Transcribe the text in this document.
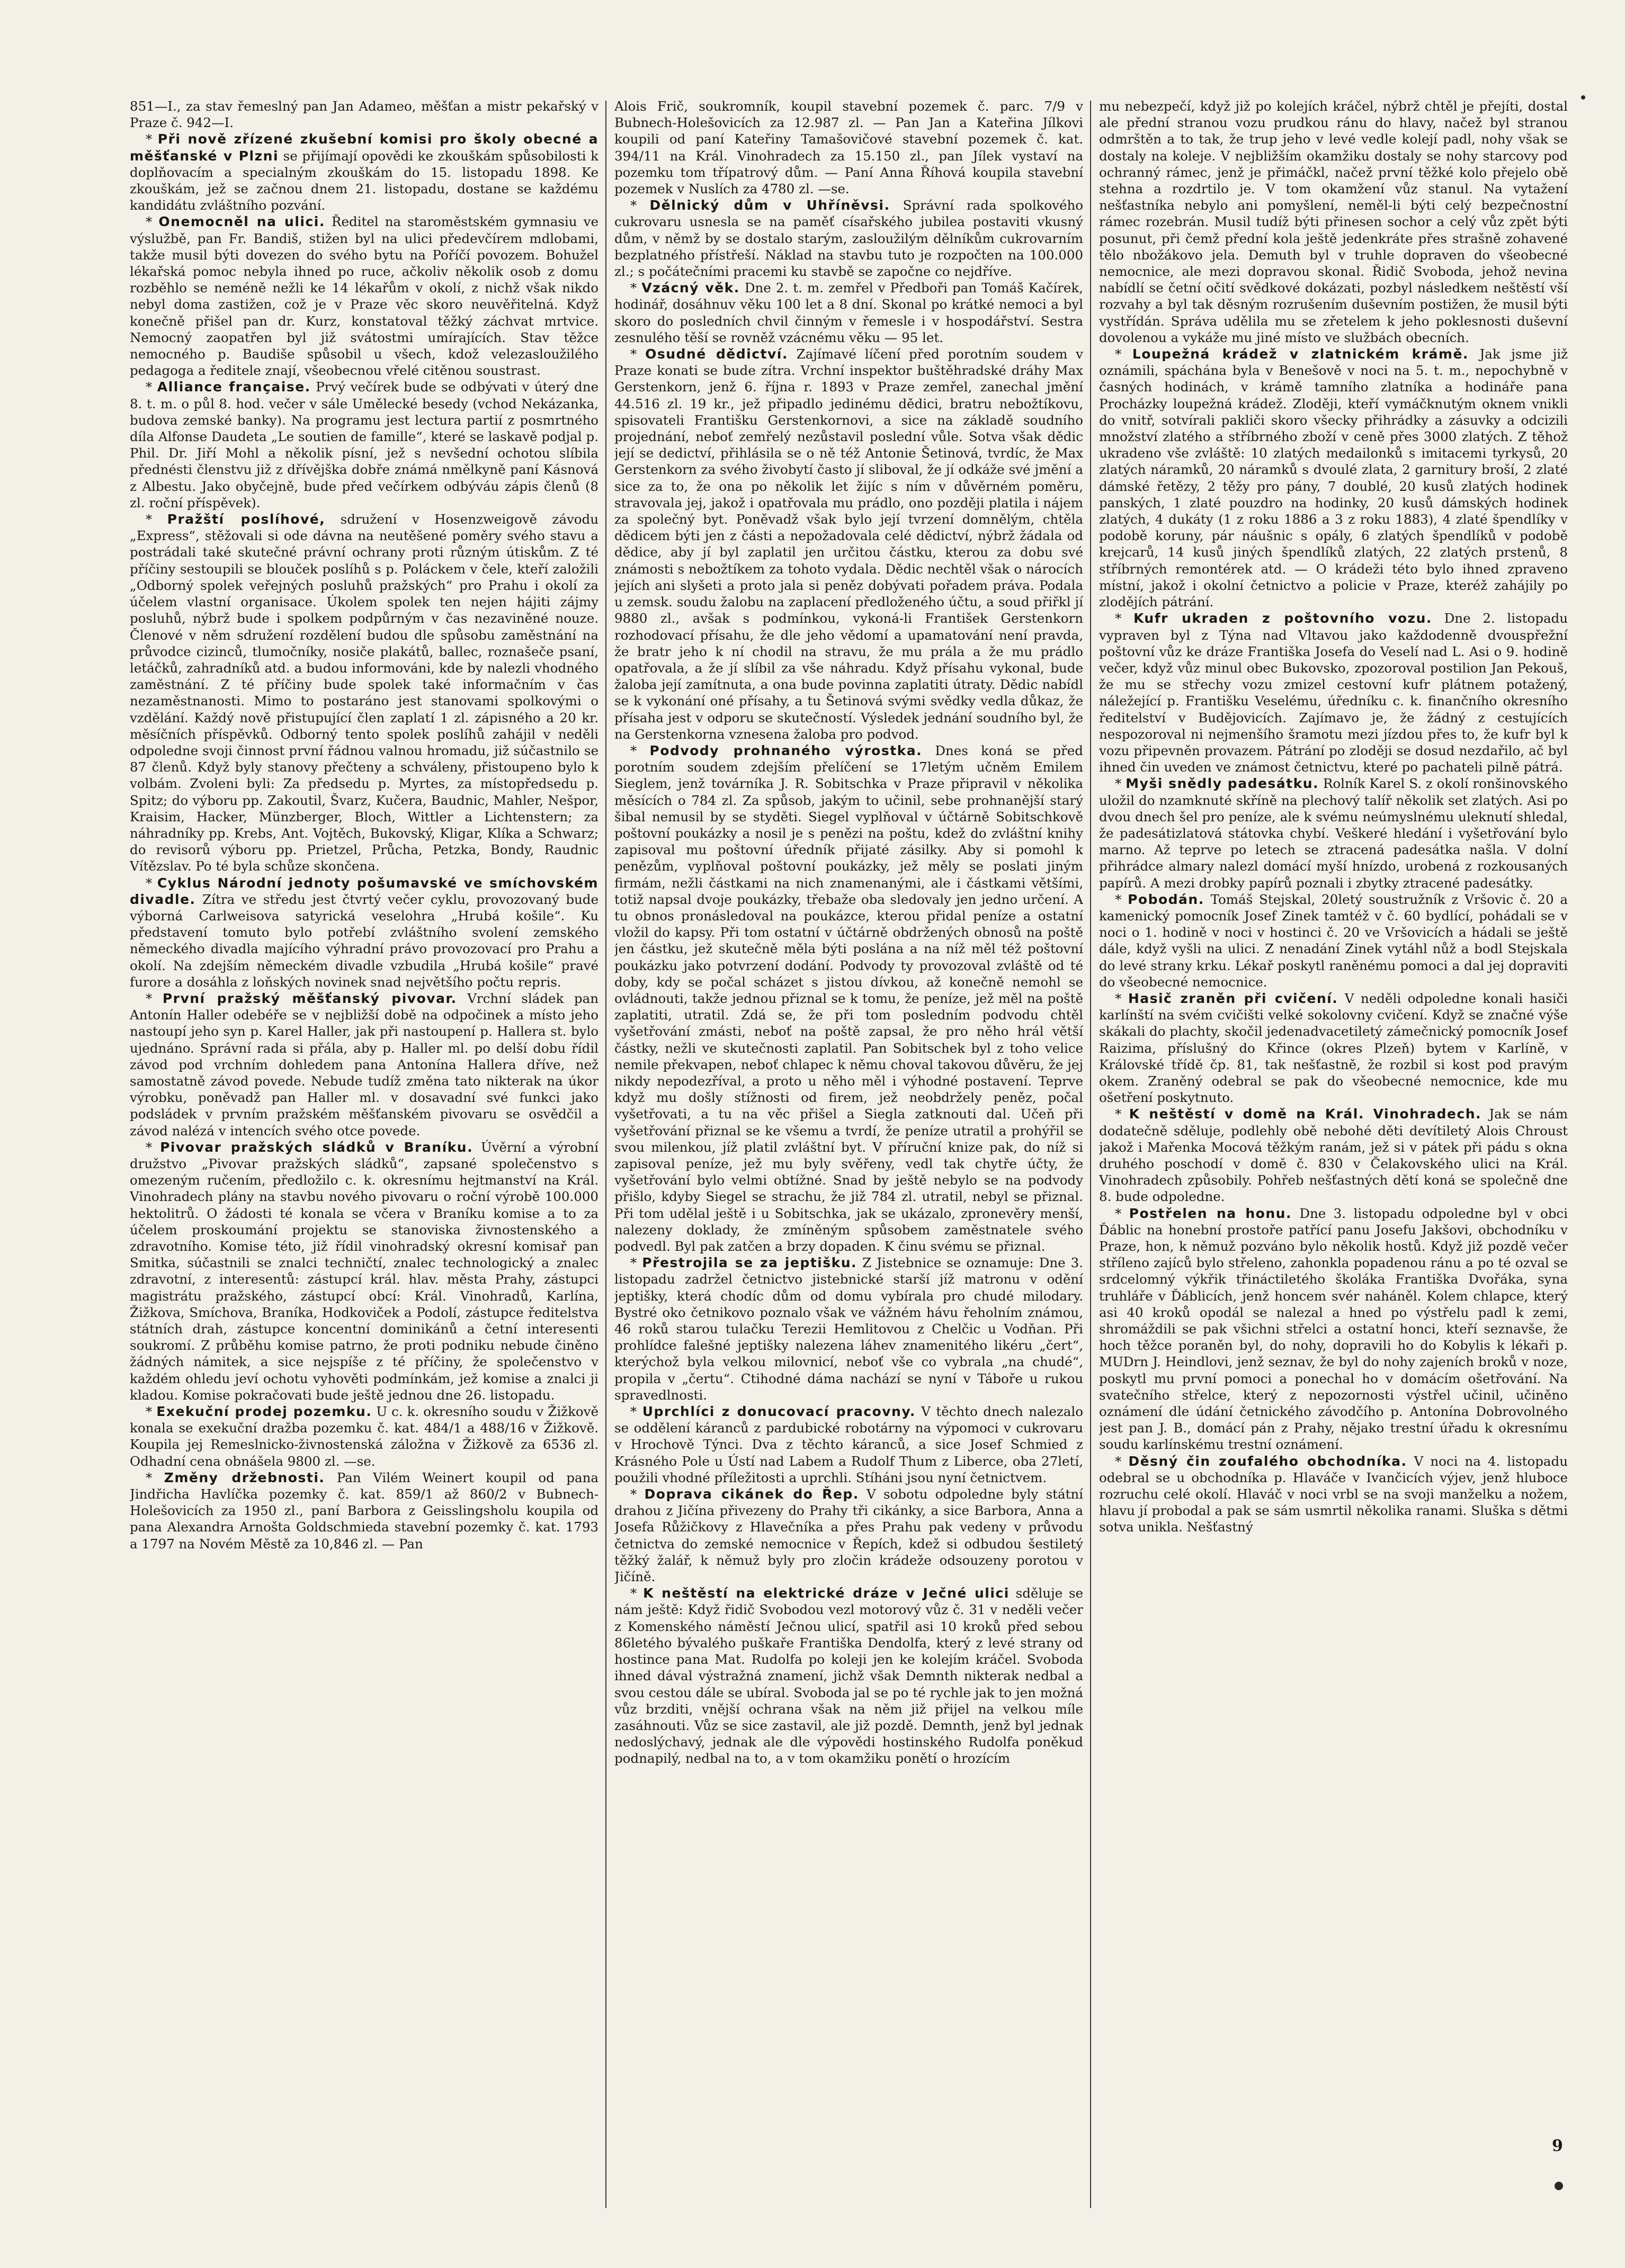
851—I., za stav řemeslný pan Jan Adameo, měšťan a mistr pekařský v Praze č. 942—I.

* Při nově zřízené zkušební komisi pro školy obecné a měšťanské v Plzni se přijímají opovědi ke zkouškám spůsobilosti k doplňovacím a specialným zkouškám do 15. listopadu 1898. Ke zkouškám, jež se začnou dnem 21. listopadu, dostane se každému kandidátu zvláštního pozvání.

* Onemocněl na ulici. Ředitel na staroměstském gymnasiu ve výslužbě, pan Fr. Bandiš, stižen byl na ulici předevčírem mdlobami, takže musil býti dovezen do svého bytu na Poříčí povozem. Bohužel lékařská pomoc nebyla ihned po ruce, ačkoliv několik osob z domu rozběhlo se neméně nežli ke 14 lékařům v okolí, z nichž však nikdo nebyl doma zastižen, což je v Praze věc skoro neuvěřitelná. Když konečně přišel pan dr. Kurz, konstatoval těžký záchvat mrtvice. Nemocný zaopatřen byl již svátostmi umírajících. Stav těžce nemocného p. Baudiše spůsobil u všech, kdož velezasloužilého pedagoga a ředitele znají, všeobecnou vřelé citěnou soustrast.

* Alliance française. Prvý večírek bude se odbývati v úterý dne 8. t. m. o půl 8. hod. večer v sále Umělecké besedy (vchod Nekázanka, budova zemské banky). Na programu jest lectura partií z posmrtného díla Alfonse Daudeta „Le soutien de famille“, které se laskavě podjal p. Phil. Dr. Jiří Mohl a několik písní, jež s nevšední ochotou slíbila přednésti členstvu již z dřívějška dobře známá nmělkyně paní Kásnová z Albestu. Jako obyčejně, bude před večírkem odbýváu zápis členů (8 zl. roční příspěvek).

* Pražští poslíhové, sdružení v Hosenzweigově závodu „Express“, stěžovali si ode dávna na neutěšené poměry svého stavu a postrádali také skutečné právní ochrany proti různým útiskům. Z té příčiny sestoupili se blouček poslíhů s p. Poláckem v čele, kteří založili „Odborný spolek veřejných posluhů pražských“ pro Prahu i okolí za účelem vlastní organisace. Úkolem spolek ten nejen hájiti zájmy posluhů, nýbrž bude i spolkem podpůrným v čas nezaviněné nouze. Členové v něm sdružení rozdělení budou dle spůsobu zaměstnání na průvodce cizinců, tlumočníky, nosiče plakátů, ballec, roznašeče psaní, letáčků, zahradníků atd. a budou informováni, kde by nalezli vhodného zaměstnání. Z té příčiny bude spolek také informačním v čas nezaměstnanosti. Mimo to postaráno jest stanovami spolkovými o vzdělání. Každý nově přistupující člen zaplatí 1 zl. zápisného a 20 kr. měsíčních příspěvků. Odborný tento spolek poslíhů zahájil v neděli odpoledne svoji činnost první řádnou valnou hromadu, již súčastnilo se 87 členů. Když byly stanovy přečteny a schváleny, přistoupeno bylo k volbám. Zvoleni byli: Za předsedu p. Myrtes, za místopředsedu p. Spitz; do výboru pp. Zakoutil, Švarz, Kučera, Baudnic, Mahler, Nešpor, Kraisim, Hacker, Münzberger, Bloch, Wittler a Lichtenstern; za náhradníky pp. Krebs, Ant. Vojtěch, Bukovský, Kligar, Klíka a Schwarz; do revisorů výboru pp. Prietzel, Průcha, Petzka, Bondy, Raudnic Vítězslav. Po té byla schůze skončena.

* Cyklus Národní jednoty pošumavské ve smíchovském divadle. Zítra ve středu jest čtvrtý večer cyklu, provozovaný bude výborná Carlweisova satyrická veselohra „Hrubá košile“. Ku představení tomuto bylo potřebí zvláštního svolení zemského německého divadla majícího výhradní právo provozovací pro Prahu a okolí. Na zdejším německém divadle vzbudila „Hrubá košile“ pravé furore a dosáhla z loňských novinek snad největšího počtu repris.

* První pražský měšťanský pivovar. Vrchní sládek pan Antonín Haller odebéře se v nejbližší době na odpočinek a místo jeho nastoupí jeho syn p. Karel Haller, jak při nastoupení p. Hallera st. bylo ujednáno. Správní rada si přála, aby p. Haller ml. po delší dobu řídil závod pod vrchním dohledem pana Antonína Hallera dříve, než samostatně závod povede. Nebude tudíž změna tato nikterak na úkor výrobku, poněvadž pan Haller ml. v dosavadní své funkci jako podsládek v prvním pražském měšťanském pivovaru se osvědčil a závod nalézá v intencích svého otce povede.

* Pivovar pražských sládků v Braníku. Úvěrní a výrobní družstvo „Pivovar pražských sládků“, zapsané společenstvo s omezeným ručením, předložilo c. k. okresnímu hejtmanství na Král. Vinohradech plány na stavbu nového pivovaru o roční výrobě 100.000 hektolitrů. O žádosti té konala se včera v Braníku komise a to za účelem proskoumání projektu se stanoviska živnostenského a zdravotního. Komise této, již řídil vinohradský okresní komisař pan Smitka, súčastnili se znalci techničtí, znalec technologický a znalec zdravotní, z interesentů: zástupcí král. hlav. města Prahy, zástupci magistrátu pražského, zástupcí obcí: Král. Vinohradů, Karlína, Žižkova, Smíchova, Braníka, Hodkoviček a Podolí, zástupce ředitelstva státních drah, zástupce koncentní dominikánů a četní interesenti soukromí. Z průběhu komise patrno, že proti podniku nebude činěno žádných námitek, a sice nejspíše z té příčiny, že společenstvo v každém ohledu jeví ochotu vyhověti podmínkám, jež komise a znalci ji kladou. Komise pokračovati bude ještě jednou dne 26. listopadu.

* Exekuční prodej pozemku. U c. k. okresního soudu v Žižkově konala se exekuční dražba pozemku č. kat. 484/1 a 488/16 v Žižkově. Koupila jej Remeslnicko-živnostenská záložna v Žižkově za 6536 zl. Odhadní cena obnášela 9800 zl. —se.

* Změny držebnosti. Pan Vilém Weinert koupil od pana Jindřicha Havlíčka pozemky č. kat. 859/1 až 860/2 v Bubnech-Holešovicích za 1950 zl., paní Barbora z Geisslingsholu koupila od pana Alexandra Arnošta Goldschmieda stavební pozemky č. kat. 1793 a 1797 na Novém Městě za 10,846 zl. — Pan

Alois Frič, soukromník, koupil stavební pozemek č. parc. 7/9 v Bubnech-Holešovicích za 12.987 zl. — Pan Jan a Kateřina Jílkovi koupili od paní Kateřiny Tamašovičové stavební pozemek č. kat. 394/11 na Král. Vinohradech za 15.150 zl., pan Jílek vystaví na pozemku tom třípatrový dům. — Paní Anna Říhová koupila stavební pozemek v Nuslích za 4780 zl. —se.

* Dělnický dům v Uhříněvsi. Správní rada spolkového cukrovaru usnesla se na paměť císařského jubilea postaviti vkusný dům, v němž by se dostalo starým, zasloužilým dělníkům cukrovarním bezplatného přístřeší. Náklad na stavbu tuto je rozpočten na 100.000 zl.; s počátečními pracemi ku stavbě se započne co nejdříve.

* Vzácný věk. Dne 2. t. m. zemřel v Předboři pan Tomáš Kačírek, hodinář, dosáhnuv věku 100 let a 8 dní. Skonal po krátké nemoci a byl skoro do posledních chvil činným v řemesle i v hospodářství. Sestra zesnulého těší se rovněž vzácnému věku — 95 let.

* Osudné dědictví. Zajímavé líčení před porotním soudem v Praze konati se bude zítra. Vrchní inspektor buštěhradské dráhy Max Gerstenkorn, jenž 6. října r. 1893 v Praze zemřel, zanechal jmění 44.516 zl. 19 kr., jež připadlo jedinému dědici, bratru nebožtíkovu, spisovateli Františku Gerstenkornovi, a sice na základě soudního projednání, neboť zemřelý nezůstavil poslední vůle. Sotva však dědic její se dedictví, přihlásila se o ně též Antonie Šetinová, tvrdíc, že Max Gerstenkorn za svého živobytí často jí sliboval, že jí odkáže své jmění a sice za to, že ona po několik let žijíc s ním v důvěrném poměru, stravovala jej, jakož i opatřovala mu prádlo, ono později platila i nájem za společný byt. Poněvadž však bylo její tvrzení domnělým, chtěla dědicem býti jen z části a nepožadovala celé dědictví, nýbrž žádala od dědice, aby jí byl zaplatil jen určitou částku, kterou za dobu své známosti s nebožtíkem za tohoto vydala. Dědic nechtěl však o nárocích jejích ani slyšeti a proto jala si peněz dobývati pořadem práva. Podala u zemsk. soudu žalobu na zaplacení předloženého účtu, a soud přiřkl jí 9880 zl., avšak s podmínkou, vykoná-li František Gerstenkorn rozhodovací přísahu, že dle jeho vědomí a upamatování není pravda, že bratr jeho k ní chodil na stravu, že mu prála a že mu prádlo opatřovala, a že jí slíbil za vše náhradu. Když přísahu vykonal, bude žaloba její zamítnuta, a ona bude povinna zaplatiti útraty. Dědic nabídl se k vykonání oné přísahy, a tu Šetinová svými svědky vedla důkaz, že přísaha jest v odporu se skutečností. Výsledek jednání soudního byl, že na Gerstenkorna vznesena žaloba pro podvod.

* Podvody prohnaného výrostka. Dnes koná se před porotním soudem zdejším přelíčení se 17letým učněm Emilem Sieglem, jenž továrníka J. R. Sobitschka v Praze připravil v několika měsících o 784 zl. Za spůsob, jakým to učinil, sebe prohnanější starý šibal nemusil by se styděti. Siegel vyplňoval v účtárně Sobitschkově poštovní poukázky a nosil je s penězi na poštu, kdež do zvláštní knihy zapisoval mu poštovní úředník přijaté zásilky. Aby si pomohl k penězům, vyplňoval poštovní poukázky, jež měly se poslati jiným firmám, nežli částkami na nich znamenanými, ale i částkami většími, totiž napsal dvoje poukázky, třebaže oba sledovaly jen jedno určení. A tu obnos pronásledoval na poukázce, kterou přidal peníze a ostatní vložil do kapsy. Při tom ostatní v účtárně obdržených obnosů na poště jen částku, jež skutečně měla býti poslána a na níž měl též poštovní poukázku jako potvrzení dodání. Podvody ty provozoval zvláště od té doby, kdy se počal scházet s jistou dívkou, až konečně nemohl se ovládnouti, takže jednou přiznal se k tomu, že peníze, jež měl na poště zaplatiti, utratil. Zdá se, že při tom posledním podvodu chtěl vyšetřování zmásti, neboť na poště zapsal, že pro něho hrál větší částky, nežli ve skutečnosti zaplatil. Pan Sobitschek byl z toho velice nemile překvapen, neboť chlapec k němu choval takovou důvěru, že jej nikdy nepodezříval, a proto u něho měl i výhodné postavení. Teprve když mu došly stížnosti od firem, jež neobdržely peněz, počal vyšetřovati, a tu na věc přišel a Siegla zatknouti dal. Učeň při vyšetřování přiznal se ke všemu a tvrdí, že peníze utratil a prohýřil se svou milenkou, jíž platil zvláštní byt. V příruční knize pak, do níž si zapisoval peníze, jež mu byly svěřeny, vedl tak chytře účty, že vyšetřování bylo velmi obtížné. Snad by ještě nebylo se na podvody přišlo, kdyby Siegel se strachu, že již 784 zl. utratil, nebyl se přiznal. Při tom udělal ještě i u Sobitschka, jak se ukázalo, zpronevěry menší, nalezeny doklady, že zmíněným spůsobem zaměstnatele svého podvedl. Byl pak zatčen a brzy dopaden. K činu svému se přiznal.

* Přestrojila se za jeptišku. Z Jistebnice se oznamuje: Dne 3. listopadu zadržel četnictvo jistebnické starší jíž matronu v odění jeptišky, která chodíc dům od domu vybírala pro chudé milodary. Bystré oko četnikovo poznalo však ve vážném hávu řeholním známou, 46 roků starou tulačku Terezii Hemlitovou z Chelčic u Vodňan. Při prohlídce falešné jeptišky nalezena láhev znamenitého likéru „čert“, kterýchož byla velkou milovnicí, neboť vše co vybrala „na chudé“, propila v „čertu“. Ctihodné dáma nachází se nyní v Táboře u rukou spravedlnosti.

* Uprchlíci z donucovací pracovny. V těchto dnech nalezalo se oddělení káranců z pardubické robotárny na výpomoci v cukrovaru v Hrochově Týnci. Dva z těchto káranců, a sice Josef Schmied z Krásného Pole u Ústí nad Labem a Rudolf Thum z Liberce, oba 27letí, použili vhodné příležitosti a uprchli. Stíháni jsou nyní četnictvem.

* Doprava cikánek do Řep. V sobotu odpoledne byly státní drahou z Jičína přivezeny do Prahy tři cikánky, a sice Barbora, Anna a Josefa Růžičkovy z Hlavečníka a přes Prahu pak vedeny v průvodu četnictva do zemské nemocnice v Řepích, kdež si odbudou šestiletý těžký žalář, k němuž byly pro zločin krádeže odsouzeny porotou v Jičíně.

* K neštěstí na elektrické dráze v Ječné ulici sděluje se nám ještě: Když řidič Svobodou vezl motorový vůz č. 31 v neděli večer z Komenského náměstí Ječnou ulicí, spatřil asi 10 kroků před sebou 86letého bývalého puškaře Františka Dendolfa, který z levé strany od hostince pana Mat. Rudolfa po koleji jen ke kolejím kráčel. Svoboda ihned dával výstražná znamení, jichž však Demnth nikterak nedbal a svou cestou dále se ubíral. Svoboda jal se po té rychle jak to jen možná vůz brzditi, vnější ochrana však na něm již přijel na velkou míle zasáhnouti. Vůz se sice zastavil, ale již pozdě. Demnth, jenž byl jednak nedoslýchavý, jednak ale dle výpovědi hostinského Rudolfa poněkud podnapilý, nedbal na to, a v tom okamžiku ponětí o hrozícím

mu nebezpečí, když již po kolejích kráčel, nýbrž chtěl je přejíti, dostal ale přední stranou vozu prudkou ránu do hlavy, načež byl stranou odmrštěn a to tak, že trup jeho v levé vedle kolejí padl, nohy však se dostaly na koleje. V nejbližším okamžiku dostaly se nohy starcovy pod ochranný rámec, jenž je přimáčkl, načež první těžké kolo přejelo obě stehna a rozdrtilo je. V tom okamžení vůz stanul. Na vytažení nešťastníka nebylo ani pomyšlení, neměl-li býti celý bezpečnostní rámec rozebrán. Musil tudíž býti přinesen sochor a celý vůz zpět býti posunut, při čemž přední kola ještě jedenkráte přes strašně zohavené tělo nbožákovo jela. Demuth byl v truhle dopraven do všeobecné nemocnice, ale mezi dopravou skonal. Řidič Svoboda, jehož nevina nabídlí se četní očití svědkové dokázati, pozbyl následkem neštěstí vší rozvahy a byl tak děsným rozrušením duševním postižen, že musil býti vystřídán. Správa udělila mu se zřetelem k jeho poklesnosti duševní dovolenou a vykáže mu jiné místo ve službách obecních.

* Loupežná krádež v zlatnickém krámě. Jak jsme již oznámili, spáchána byla v Benešově v noci na 5. t. m., nepochybně v časných hodinách, v krámě tamního zlatníka a hodináře pana Procházky loupežná krádež. Zloději, kteří vymáčknutým oknem vnikli do vnitř, sotvírali pakliči skoro všecky přihrádky a zásuvky a odcizili množství zlatého a stříbrného zboží v ceně přes 3000 zlatých. Z těhož ukradeno vše zvláště: 10 zlatých medailonků s imitacemi tyrkysů, 20 zlatých náramků, 20 náramků s dvoulé zlata, 2 garnitury broší, 2 zlaté dámské řetězy, 2 těžy pro pány, 7 doublé, 20 kusů zlatých hodinek panských, 1 zlaté pouzdro na hodinky, 20 kusů dámských hodinek zlatých, 4 dukáty (1 z roku 1886 a 3 z roku 1883), 4 zlaté špendlíky v podobě koruny, pár náušnic s opály, 6 zlatých špendlíků v podobě krejcarů, 14 kusů jiných špendlíků zlatých, 22 zlatých prstenů, 8 stříbrných remontérek atd. — O krádeži této bylo ihned zpraveno místní, jakož i okolní četnictvo a policie v Praze, kteréž zahájily po zlodějích pátrání.

* Kufr ukraden z poštovního vozu. Dne 2. listopadu vypraven byl z Týna nad Vltavou jako každodenně dvouspřežní poštovní vůz ke dráze Františka Josefa do Veselí nad L. Asi o 9. hodině večer, když vůz minul obec Bukovsko, zpozoroval postilion Jan Pekouš, že mu se střechy vozu zmizel cestovní kufr plátnem potažený, náležející p. Františku Veselému, úředníku c. k. finančního okresního ředitelství v Budějovicích. Zajímavo je, že žádný z cestujících nespozoroval ni nejmenšího šramotu mezi jízdou přes to, že kufr byl k vozu připevněn provazem. Pátrání po zloději se dosud nezdařilo, ač byl ihned čin uveden ve známost četnictvu, které po pachateli pilně pátrá.

* Myši snědly padesátku. Rolník Karel S. z okolí ronšinovského uložil do nzamknuté skříně na plechový talíř několik set zlatých. Asi po dvou dnech šel pro peníze, ale k svému neúmyslnému uleknutí shledal, že padesátizlatová státovka chybí. Veškeré hledání i vyšetřování bylo marno. Až teprve po letech se ztracená padesátka našla. V dolní přihrádce almary nalezl domácí myší hnízdo, urobená z rozkousaných papírů. A mezi drobky papírů poznali i zbytky ztracené padesátky.

* Pobodán. Tomáš Stejskal, 20letý soustružník z Vršovic č. 20 a kamenický pomocník Josef Zinek tamtéž v č. 60 bydlící, pohádali se v noci o 1. hodině v noci v hostinci č. 20 ve Vršovicích a hádali se ještě dále, když vyšli na ulici. Z nenadání Zinek vytáhl nůž a bodl Stejskala do levé strany krku. Lékař poskytl raněnému pomoci a dal jej dopraviti do všeobecné nemocnice.

* Hasič zraněn při cvičení. V neděli odpoledne konali hasiči karlínští na svém cvičišti velké sokolovny cvičení. Když se značné výše skákali do plachty, skočil jedenadvacetiletý zámečnický pomocník Josef Raizima, příslušný do Křince (okres Plzeň) bytem v Karlíně, v Královské třídě čp. 81, tak nešťastně, že rozbil si kost pod pravým okem. Zraněný odebral se pak do všeobecné nemocnice, kde mu ošetření poskytnuto.

* K neštěstí v domě na Král. Vinohradech. Jak se nám dodatečně sděluje, podlehly obě nebohé děti devítiletý Alois Chroust jakož i Mařenka Mocová těžkým ranám, jež si v pátek při pádu s okna druhého poschodí v domě č. 830 v Čelakovského ulici na Král. Vinohradech způsobily. Pohřeb nešťastných dětí koná se společně dne 8. bude odpoledne.

* Postřelen na honu. Dne 3. listopadu odpoledne byl v obci Ďáblic na honební prostoře patřící panu Josefu Jakšovi, obchodníku v Praze, hon, k němuž pozváno bylo několik hostů. Když již pozdě večer stříleno zajíců bylo střeleno, zahonkla popadenou ránu a po té ozval se srdcelomný výkřik třináctiletého školáka Františka Dvořáka, syna truhláře v Ďáblicích, jenž honcem svér naháněl. Kolem chlapce, který asi 40 kroků opodál se nalezal a hned po výstřelu padl k zemi, shromáždili se pak všichni střelci a ostatní honci, kteří seznavše, že hoch těžce poraněn byl, do nohy, dopravili ho do Kobylis k lékaři p. MUDrn J. Heindlovi, jenž seznav, že byl do nohy zajeních broků v noze, poskytl mu první pomoci a ponechal ho v domácím ošetřování. Na svatečního střelce, který z nepozornosti výstřel učinil, učiněno oznámení dle údání četnického závodčího p. Antonína Dobrovolného jest pan J. B., domácí pán z Prahy, nějako trestní úřadu k okresnímu soudu karlínskému trestní oznámení.

* Děsný čin zoufalého obchodníka. V noci na 4. listopadu odebral se u obchodníka p. Hlaváče v Ivančicích výjev, jenž hluboce rozruchu celé okolí. Hlaváč v noci vrbl se na svoji manželku a nožem, hlavu jí probodal a pak se sám usmrtil několika ranami. Sluška s dětmi sotva unikla. Nešťastný

9
